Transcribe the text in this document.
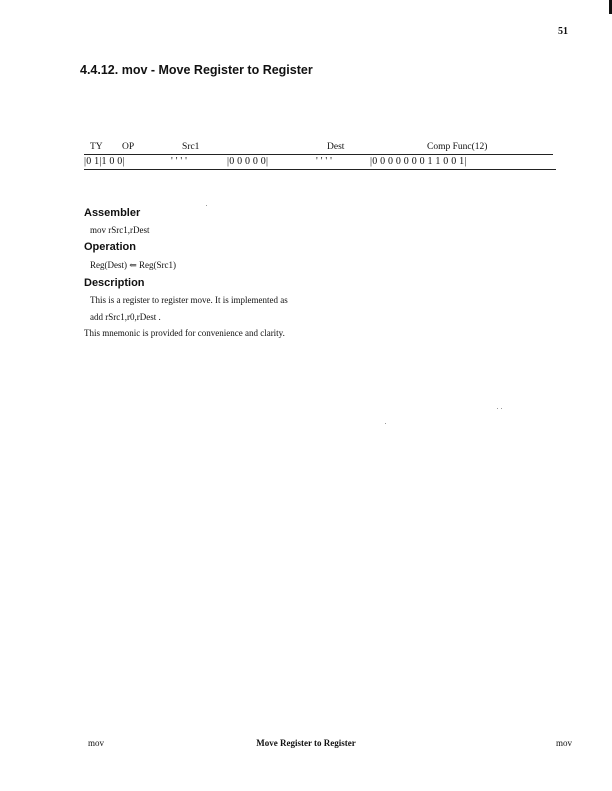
51
4.4.12. mov - Move Register to Register
TY OP	Src1	Dest	Comp Func(12)
|0 1|1 0 0|	' ' ' '	|0 0 0 0 0|	' ' ' '	|0 0 0 0 0 0 0 1 1 0 0 1|
Assembler
mov rSrc1,rDest
Operation
Reg(Dest) ⇐ Reg(Src1)
Description
This is a register to register move. It is implemented as
add rSrc1,r0,rDest .
This mnemonic is provided for convenience and clarity.
mov	Move Register to Register	mov
